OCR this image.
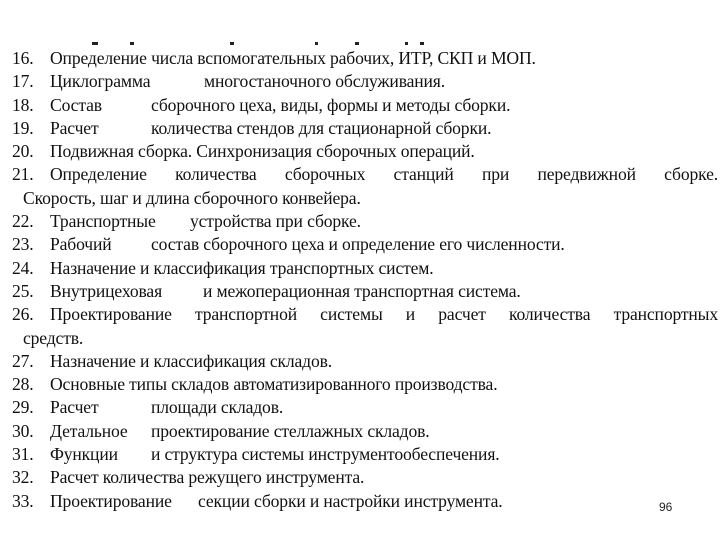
16. Определение числа вспомогательных рабочих, ИТР, СКП и МОП.
17. Циклограмма	многостаночного обслуживания.
18. Состав	сборочного цеха, виды, формы и методы сборки.
19. Расчет	количества стендов для стационарной сборки.
20. Подвижная сборка. Синхронизация сборочных операций.
21. Определение количества сборочных станций при передвижной сборке.
Скорость, шаг и длина сборочного конвейера.
22. Транспортные	устройства при сборке.
23. Рабочий	состав сборочного цеха и определение его численности.
24. Назначение и классификация транспортных систем.
25. Внутрицеховая	и межоперационная транспортная система.
26. Проектирование транспортной системы и расчет количества транспортных
средств.
27. Назначение и классификация складов.
28. Основные типы складов автоматизированного производства.
29. Расчет	площади складов.
30. Детальное	проектирование стеллажных складов.
31. Функции	и структура системы инструментообеспечения.
32. Расчет количества режущего инструмента.
33. Проектирование	секции сборки и настройки инструмента.	96
